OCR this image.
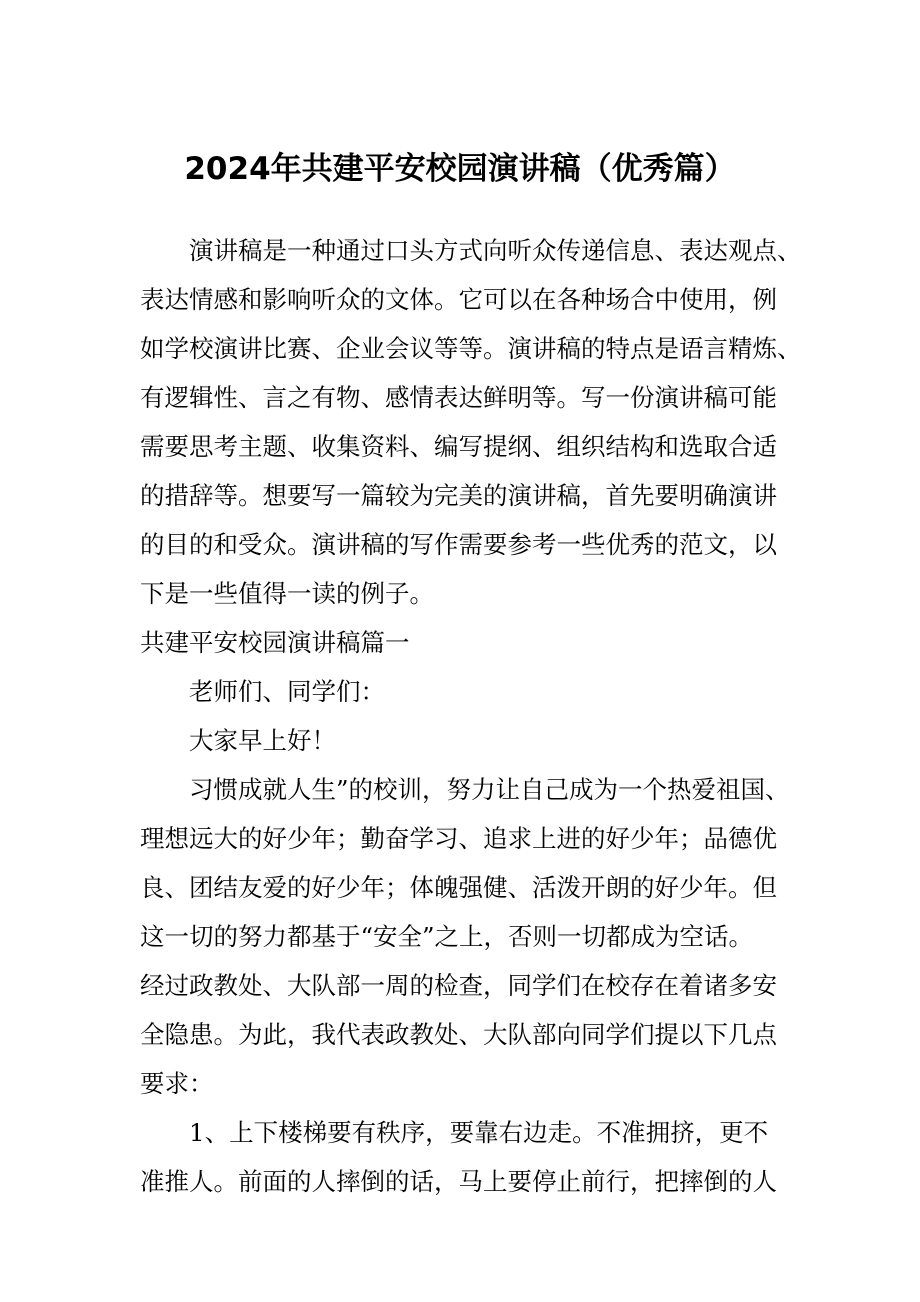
2024年共建平安校园演讲稿（优秀篇）

演讲稿是一种通过口头方式向听众传递信息、表达观点、

表达情感和影响听众的文体。它可以在各种场合中使用，例

如学校演讲比赛、企业会议等等。演讲稿的特点是语言精炼、

有逻辑性、言之有物、感情表达鲜明等。写一份演讲稿可能

需要思考主题、收集资料、编写提纲、组织结构和选取合适

的措辞等。想要写一篇较为完美的演讲稿，首先要明确演讲

的目的和受众。演讲稿的写作需要参考一些优秀的范文，以

下是一些值得一读的例子。

共建平安校园演讲稿篇一

老师们、同学们：

大家早上好！

习惯成就人生”的校训，努力让自己成为一个热爱祖国、

理想远大的好少年；勤奋学习、追求上进的好少年；品德优

良、团结友爱的好少年；体魄强健、活泼开朗的好少年。但

这一切的努力都基于“安全”之上，否则一切都成为空话。

经过政教处、大队部一周的检查，同学们在校存在着诸多安

全隐患。为此，我代表政教处、大队部向同学们提以下几点

要求：

1、上下楼梯要有秩序，要靠右边走。不准拥挤，更不

准推人。前面的人摔倒的话，马上要停止前行，把摔倒的人
